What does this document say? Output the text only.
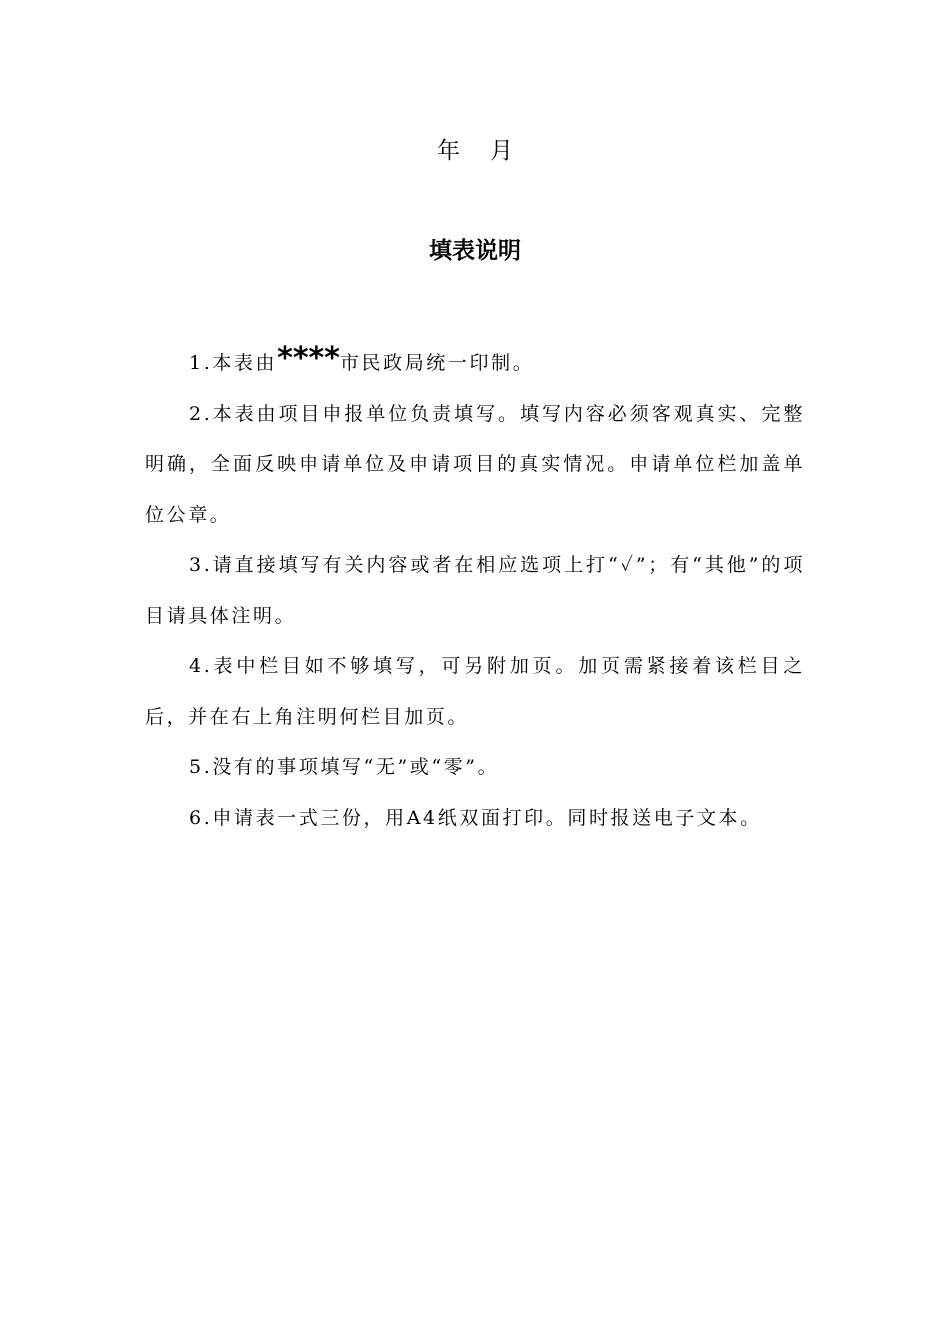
年 月
填表说明

1.本表由****市民政局统一印制。

2.本表由项目申报单位负责填写。填写内容必须客观真实、完整明确，全面反映申请单位及申请项目的真实情况。申请单位栏加盖单位公章。

3.请直接填写有关内容或者在相应选项上打“✓”；有“其他”的项目请具体注明。

4.表中栏目如不够填写，可另附加页。加页需紧接着该栏目之后，并在右上角注明何栏目加页。

5.没有的事项填写“无”或“零”。

6.申请表一式三份，用A4纸双面打印。同时报送电子文本。
